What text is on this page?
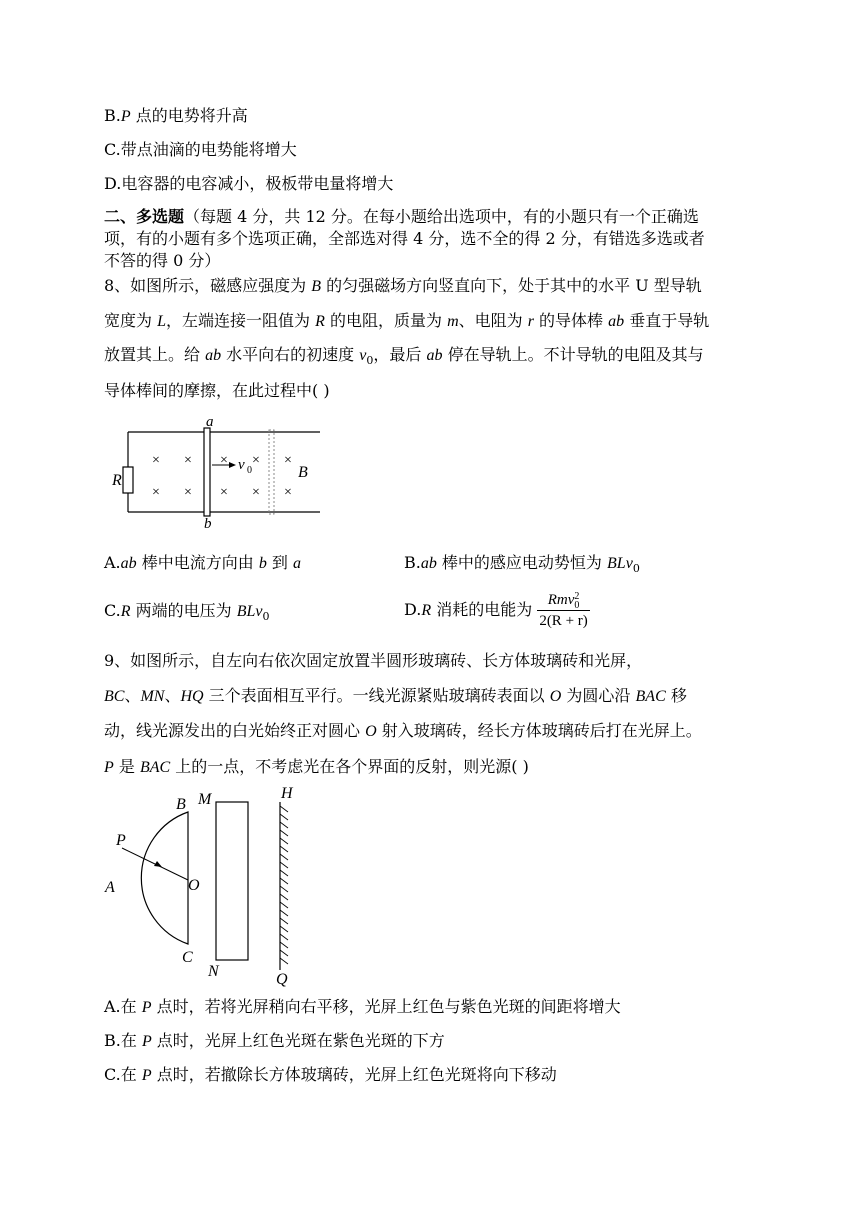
B.P 点的电势将升高
C.带点油滴的电势能将增大
D.电容器的电容减小，极板带电量将增大
二、多选题（每题 4 分，共 12 分。在每小题给出选项中，有的小题只有一个正确选
项，有的小题有多个选项正确，全部选对得 4 分，选不全的得 2 分，有错选多选或者
不答的得 0 分）
8、如图所示，磁感应强度为 B 的匀强磁场方向竖直向下，处于其中的水平 U 型导轨
宽度为 L，左端连接一阻值为 R 的电阻，质量为 m、电阻为 r 的导体棒 ab 垂直于导轨
放置其上。给 ab 水平向右的初速度 $v_0$，最后 ab 停在导轨上。不计导轨的电阻及其与
导体棒间的摩擦，在此过程中( )
R
a
b
v 0	B
× × × × ×
× × × × ×
A.ab 棒中电流方向由 b 到 a	B.ab 棒中的感应电动势恒为 BLv$_0$
C.R 两端的电压为 BLv$_0$	D.R 消耗的电能为 Rmv2
0
2(R + r)
9、如图所示，自左向右依次固定放置半圆形玻璃砖、长方体玻璃砖和光屏，
BC、MN、HQ 三个表面相互平行。一线光源紧贴玻璃砖表面以 O 为圆心沿 BAC 移
动，线光源发出的白光始终正对圆心 O 射入玻璃砖，经长方体玻璃砖后打在光屏上。
P 是 BAC 上的一点，不考虑光在各个界面的反射，则光源( )
P
A
B
C
O
M
N
H
Q
A.在 P 点时，若将光屏稍向右平移，光屏上红色与紫色光斑的间距将增大
B.在 P 点时，光屏上红色光斑在紫色光斑的下方
C.在 P 点时，若撤除长方体玻璃砖，光屏上红色光斑将向下移动
